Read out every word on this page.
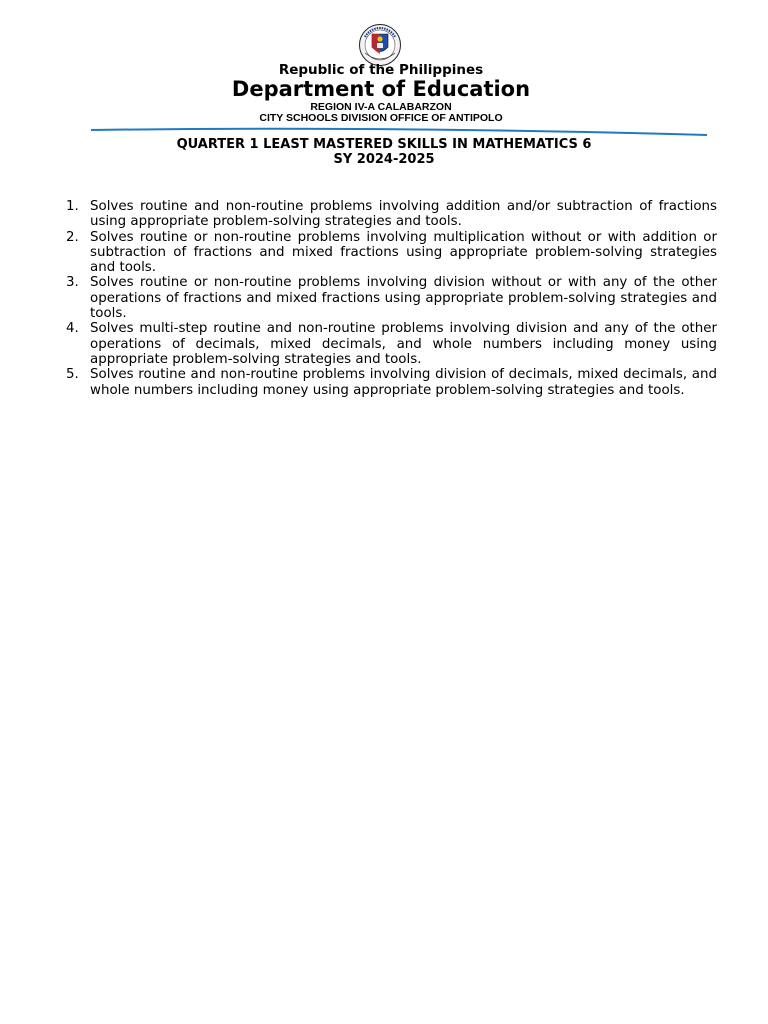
Republic of the Philippines
Department of Education
REGION IV-A CALABARZON
CITY SCHOOLS DIVISION OFFICE OF ANTIPOLO
QUARTER 1 LEAST MASTERED SKILLS IN MATHEMATICS 6
SY 2024-2025
1. Solves routine and non-routine problems involving addition and/or subtraction of fractions using appropriate problem-solving strategies and tools.
2. Solves routine or non-routine problems involving multiplication without or with addition or subtraction of fractions and mixed fractions using appropriate problem-solving strategies and tools.
3. Solves routine or non-routine problems involving division without or with any of the other operations of fractions and mixed fractions using appropriate problem-solving strategies and tools.
4. Solves multi-step routine and non-routine problems involving division and any of the other operations of decimals, mixed decimals, and whole numbers including money using appropriate problem-solving strategies and tools.
5. Solves routine and non-routine problems involving division of decimals, mixed decimals, and whole numbers including money using appropriate problem-solving strategies and tools.
